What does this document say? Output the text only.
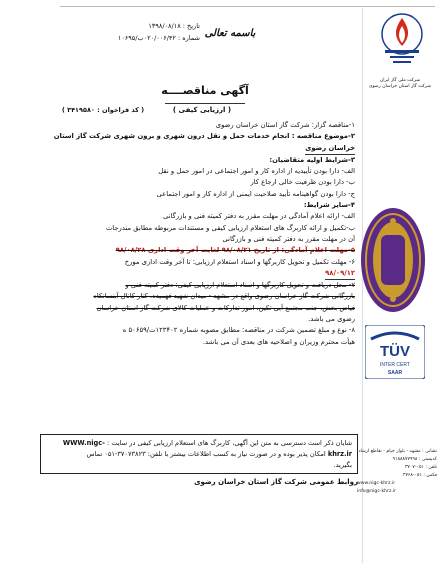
تاریخ : ۱۳۹۸/۰۸/۱۸
شماره : ۰۲۰/۰۰۶/۴۲ب/۱۰۶۹۵	باسمه تعالی
شرکت ملی گاز ایران
شرکت گاز استان خراسان رضوی
آگهی مناقصــــه
( ارزیابی کیفی )
( کد فراخوان : ۳۴۱۹۵۸۰ )
۱-مناقصه گزار: شرکت گاز استان خراسان رضوی
۲-موضوع مناقصه : انجام خدمات حمل و نقل درون شهری و برون شهری شرکت گاز استان
خراسان رضوی
۳-شرایط اولیه متقاضیان:
الف- دارا بودن تأییدیه از اداره کار و امور اجتماعی در امور حمل و نقل
ب- دارا بودن ظرفیت خالی ارجاع کار
ج- دارا بودن گواهینامه تأیید صلاحیت ایمنی از اداره کار و امور اجتماعی
۴-سایر شرایط:
الف- ارائه اعلام آمادگی در مهلت مقرر به دفتر کمیته فنی و بازرگانی
ب-تکمیل و ارائه کاربرگ های استعلام ارزیابی کیفی و مستندات مربوطه مطابق مندرجات
آن در مهلت مقرر به دفتر کمیته فنی و بازرگانی
۵-مهلت اعلام آمادگی: از تاریخ ۹۸/۰۸/۲۱ لغایت آخر وقت اداری ۹۸/۰۸/۲۸
۶- مهلت تکمیل و تحویل کاربرگها و اسناد استعلام ارزیابی: تا آخر وقت اداری مورخ
۹۸/۰۹/۱۲
۷- محل دریافت و تحویل کاربرگها و اسناد استعلام ارزیابی کیفی: دفتر کمیته فنی و
بازرگانی شرکت گاز خراسان رضوی واقع در مشهد - میدان شهید فهمیده، کنار کانال آبنسانکاه
فیاض بخش، جنب مجتمع آبی تکین، امور تدارکات و عملیات کالای شرکت گاز استان خراسان
رضوی می باشد.
۸- نوع و مبلغ تضمین شرکت در مناقصه: مطابق مصوبه شماره ۱۲۳۴۰۲ت/۵۰۶۵۹ ه
هیأت محترم وزیران و اصلاحیه های بعدی آن می باشد.
TÜV
INTER CERT
SAAR
نشانی : مشهد - بلوار خیام - تقاطع ارشاد
کدپستی : ۹۱۸۸۸۷۷۹۹۸
تلفن : ۰۵۱-۳۷۰۷
فکس : ۰۵۱-۳۷۶۸
www.nigc-khrz.ir
info@nigc-khrz.ir
شایان ذکر است دسترسی به متن این آگهی، کاربرگ های استعلام ارزیابی کیفی در سایت : WWW.nigc-
khrz.ir امکان پذیر بوده و در صورت نیاز به کسب اطلاعات بیشتر با تلفن: ۳۷۰۷۳۸۲۳-۰۵۱ تماس
بگیرید.
روابط عمومی شرکت گاز استان خراسان رضوی
